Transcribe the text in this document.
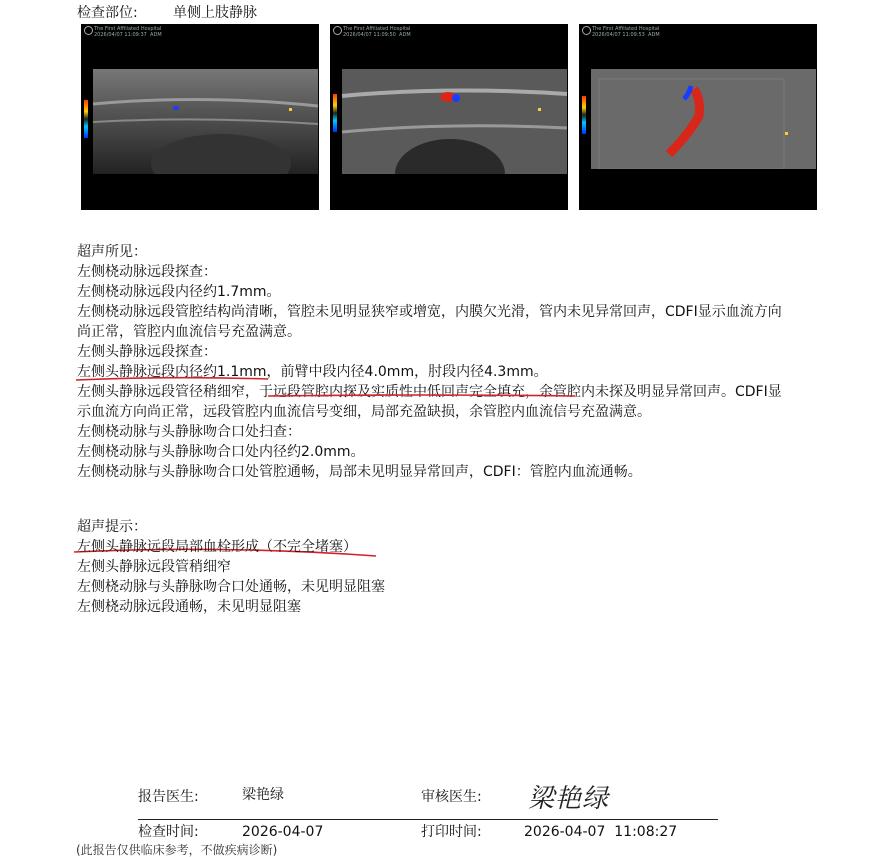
检查部位:	单侧上肢静脉
The First Affiliated Hospital
2026/04/07 11:09:37  ADM
The First Affiliated Hospital
2026/04/07 11:09:50  ADM
The First Affiliated Hospital
2026/04/07 11:09:53  ADM
超声所见：
左侧桡动脉远段探查：
左侧桡动脉远段内径约1.7mm。
左侧桡动脉远段管腔结构尚清晰，管腔未见明显狭窄或增宽，内膜欠光滑，管内未见异常回声，CDFI显示血流方向
尚正常，管腔内血流信号充盈满意。
左侧头静脉远段探查：
左侧头静脉远段内径约1.1mm，前臂中段内径4.0mm，肘段内径4.3mm。
左侧头静脉远段管径稍细窄，于远段管腔内探及实质性中低回声完全填充，余管腔内未探及明显异常回声。CDFI显
示血流方向尚正常，远段管腔内血流信号变细，局部充盈缺损，余管腔内血流信号充盈满意。
左侧桡动脉与头静脉吻合口处扫查：
左侧桡动脉与头静脉吻合口处内径约2.0mm。
左侧桡动脉与头静脉吻合口处管腔通畅，局部未见明显异常回声，CDFI：管腔内血流通畅。
超声提示：
左侧头静脉远段局部血栓形成（不完全堵塞）
左侧头静脉远段管稍细窄
左侧桡动脉与头静脉吻合口处通畅，未见明显阻塞
左侧桡动脉远段通畅，未见明显阻塞
报告医生:	梁艳绿	审核医生: 梁艳绿
检查时间:	2026-04-07	打印时间:	2026-04-07  11:08:27
(此报告仅供临床参考，不做疾病诊断)
